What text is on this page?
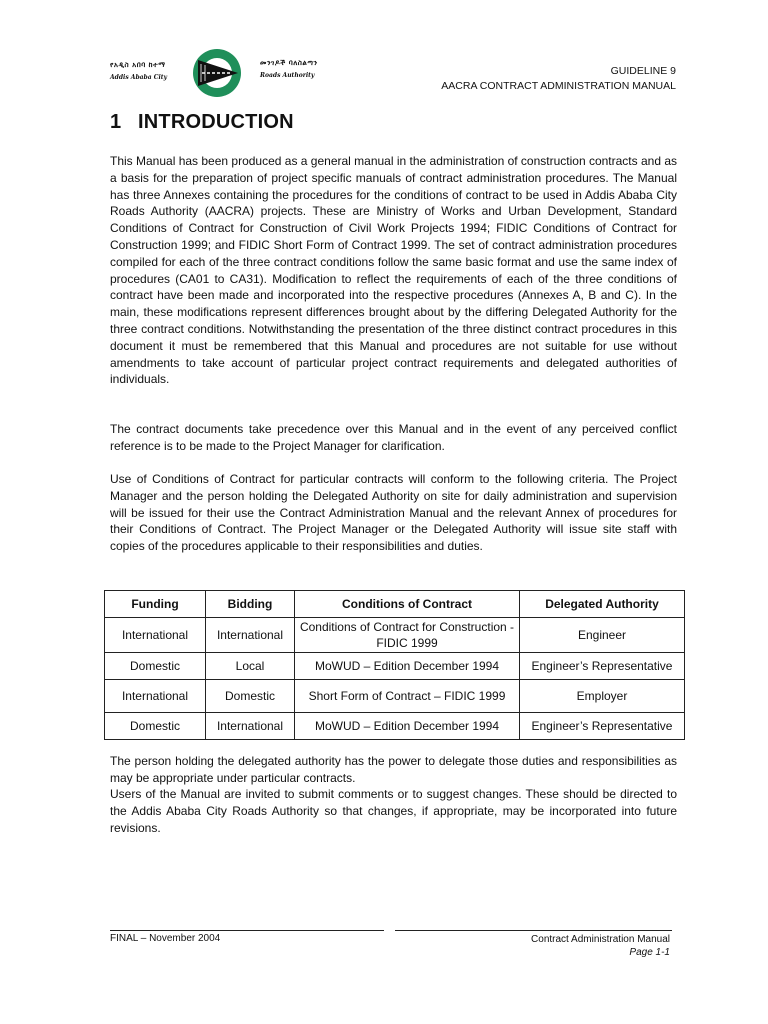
የአዲስ አበባ ከተማ
Addis Ababa City
መንገዶች ባለስልጣን
Roads Authority	GUIDELINE 9
AACRA CONTRACT ADMINISTRATION MANUAL
1 INTRODUCTION

This Manual has been produced as a general manual in the administration of construction contracts and as a basis for the preparation of project specific manuals of contract administration procedures. The Manual has three Annexes containing the procedures for the conditions of contract to be used in Addis Ababa City Roads Authority (AACRA) projects. These are Ministry of Works and Urban Development, Standard Conditions of Contract for Construction of Civil Work Projects 1994; FIDIC Conditions of Contract for Construction 1999; and FIDIC Short Form of Contract 1999. The set of contract administration procedures compiled for each of the three contract conditions follow the same basic format and use the same index of procedures (CA01 to CA31). Modification to reflect the requirements of each of the three conditions of contract have been made and incorporated into the respective procedures (Annexes A, B and C). In the main, these modifications represent differences brought about by the differing Delegated Authority for the three contract conditions. Notwithstanding the presentation of the three distinct contract procedures in this document it must be remembered that this Manual and procedures are not suitable for use without amendments to take account of particular project contract requirements and delegated authorities of individuals.

The contract documents take precedence over this Manual and in the event of any perceived conflict reference is to be made to the Project Manager for clarification.

Use of Conditions of Contract for particular contracts will conform to the following criteria. The Project Manager and the person holding the Delegated Authority on site for daily administration and supervision will be issued for their use the Contract Administration Manual and the relevant Annex of procedures for their Conditions of Contract. The Project Manager or the Delegated Authority will issue site staff with copies of the procedures applicable to their responsibilities and duties.

Funding	Bidding	Conditions of Contract	Delegated Authority
International	International	Conditions of Contract for Construction - FIDIC 1999	Engineer
Domestic	Local	MoWUD – Edition December 1994	Engineer’s Representative
International	Domestic	Short Form of Contract – FIDIC 1999	Employer
Domestic	International	MoWUD – Edition December 1994	Engineer’s Representative

The person holding the delegated authority has the power to delegate those duties and responsibilities as may be appropriate under particular contracts.

Users of the Manual are invited to submit comments or to suggest changes. These should be directed to the Addis Ababa City Roads Authority so that changes, if appropriate, may be incorporated into future revisions.

FINAL – November 2004	Contract Administration Manual
Page 1-1
